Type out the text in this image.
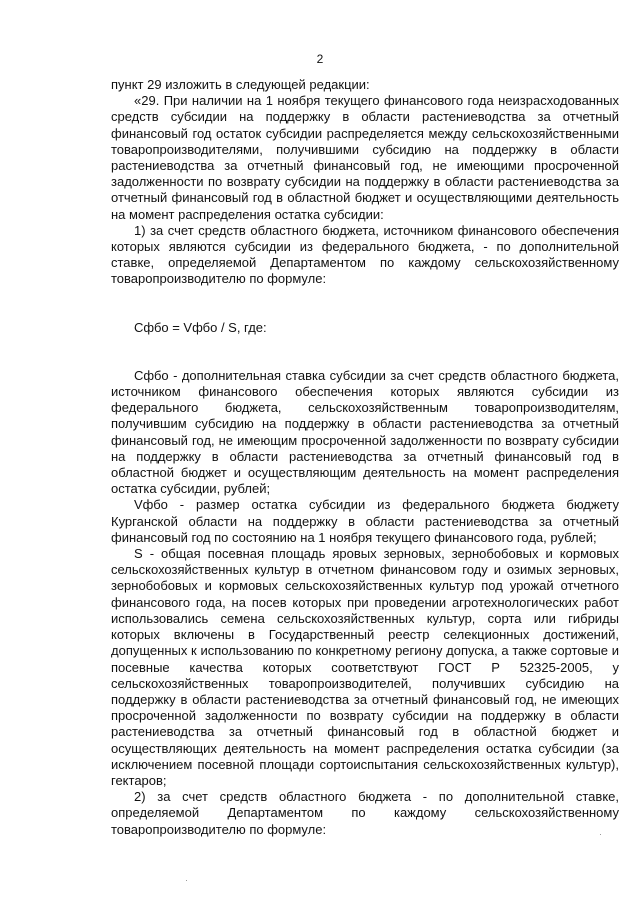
2

пункт 29 изложить в следующей редакции:

«29. При наличии на 1 ноября текущего финансового года неизрасходованных средств субсидии на поддержку в области растениеводства за отчетный финансовый год остаток субсидии распределяется между сельскохозяйственными товаропроизводителями, получившими субсидию на поддержку в области растениеводства за отчетный финансовый год, не имеющими просроченной задолженности по возврату субсидии на поддержку в области растениеводства за отчетный финансовый год в областной бюджет и осуществляющими деятельность на момент распределения остатка субсидии:

1) за счет средств областного бюджета, источником финансового обеспечения которых являются субсидии из федерального бюджета, - по дополнительной ставке, определяемой Департаментом по каждому сельскохозяйственному товаропроизводителю по формуле:

Сфбо = Vфбо / S, где:

Сфбо - дополнительная ставка субсидии за счет средств областного бюджета, источником финансового обеспечения которых являются субсидии из федерального бюджета, сельскохозяйственным товаропроизводителям, получившим субсидию на поддержку в области растениеводства за отчетный финансовый год, не имеющим просроченной задолженности по возврату субсидии на поддержку в области растениеводства за отчетный финансовый год в областной бюджет и осуществляющим деятельность на момент распределения остатка субсидии, рублей;

Vфбо - размер остатка субсидии из федерального бюджета бюджету Курганской области на поддержку в области растениеводства за отчетный финансовый год по состоянию на 1 ноября текущего финансового года, рублей;

S - общая посевная площадь яровых зерновых, зернобобовых и кормовых сельскохозяйственных культур в отчетном финансовом году и озимых зерновых, зернобобовых и кормовых сельскохозяйственных культур под урожай отчетного финансового года, на посев которых при проведении агротехнологических работ использовались семена сельскохозяйственных культур, сорта или гибриды которых включены в Государственный реестр селекционных достижений, допущенных к использованию по конкретному региону допуска, а также сортовые и посевные качества которых соответствуют ГОСТ Р 52325-2005, у сельскохозяйственных товаропроизводителей, получивших субсидию на поддержку в области растениеводства за отчетный финансовый год, не имеющих просроченной задолженности по возврату субсидии на поддержку в области растениеводства за отчетный финансовый год в областной бюджет и осуществляющих деятельность на момент распределения остатка субсидии (за исключением посевной площади сортоиспытания сельскохозяйственных культур), гектаров;

2) за счет средств областного бюджета - по дополнительной ставке, определяемой Департаментом по каждому сельскохозяйственному товаропроизводителю по формуле:
